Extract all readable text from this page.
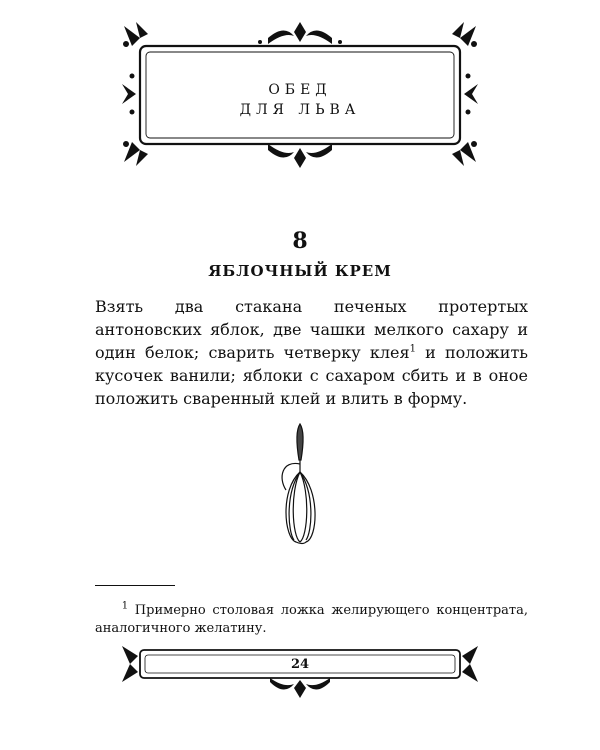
ОБЕД
ДЛЯ ЛЬВА
8
ЯБЛОЧНЫЙ КРЕМ

Взять два стакана печеных протертых антоновских яблок, две чашки мелкого сахару и один белок; сварить четверку клея$^1$ и положить кусочек ванили; яблоки с сахаром сбить и в оное положить сваренный клей и влить в форму.

$^1$ Примерно столовая ложка желирующего концентрата, аналогичного желатину.
24
